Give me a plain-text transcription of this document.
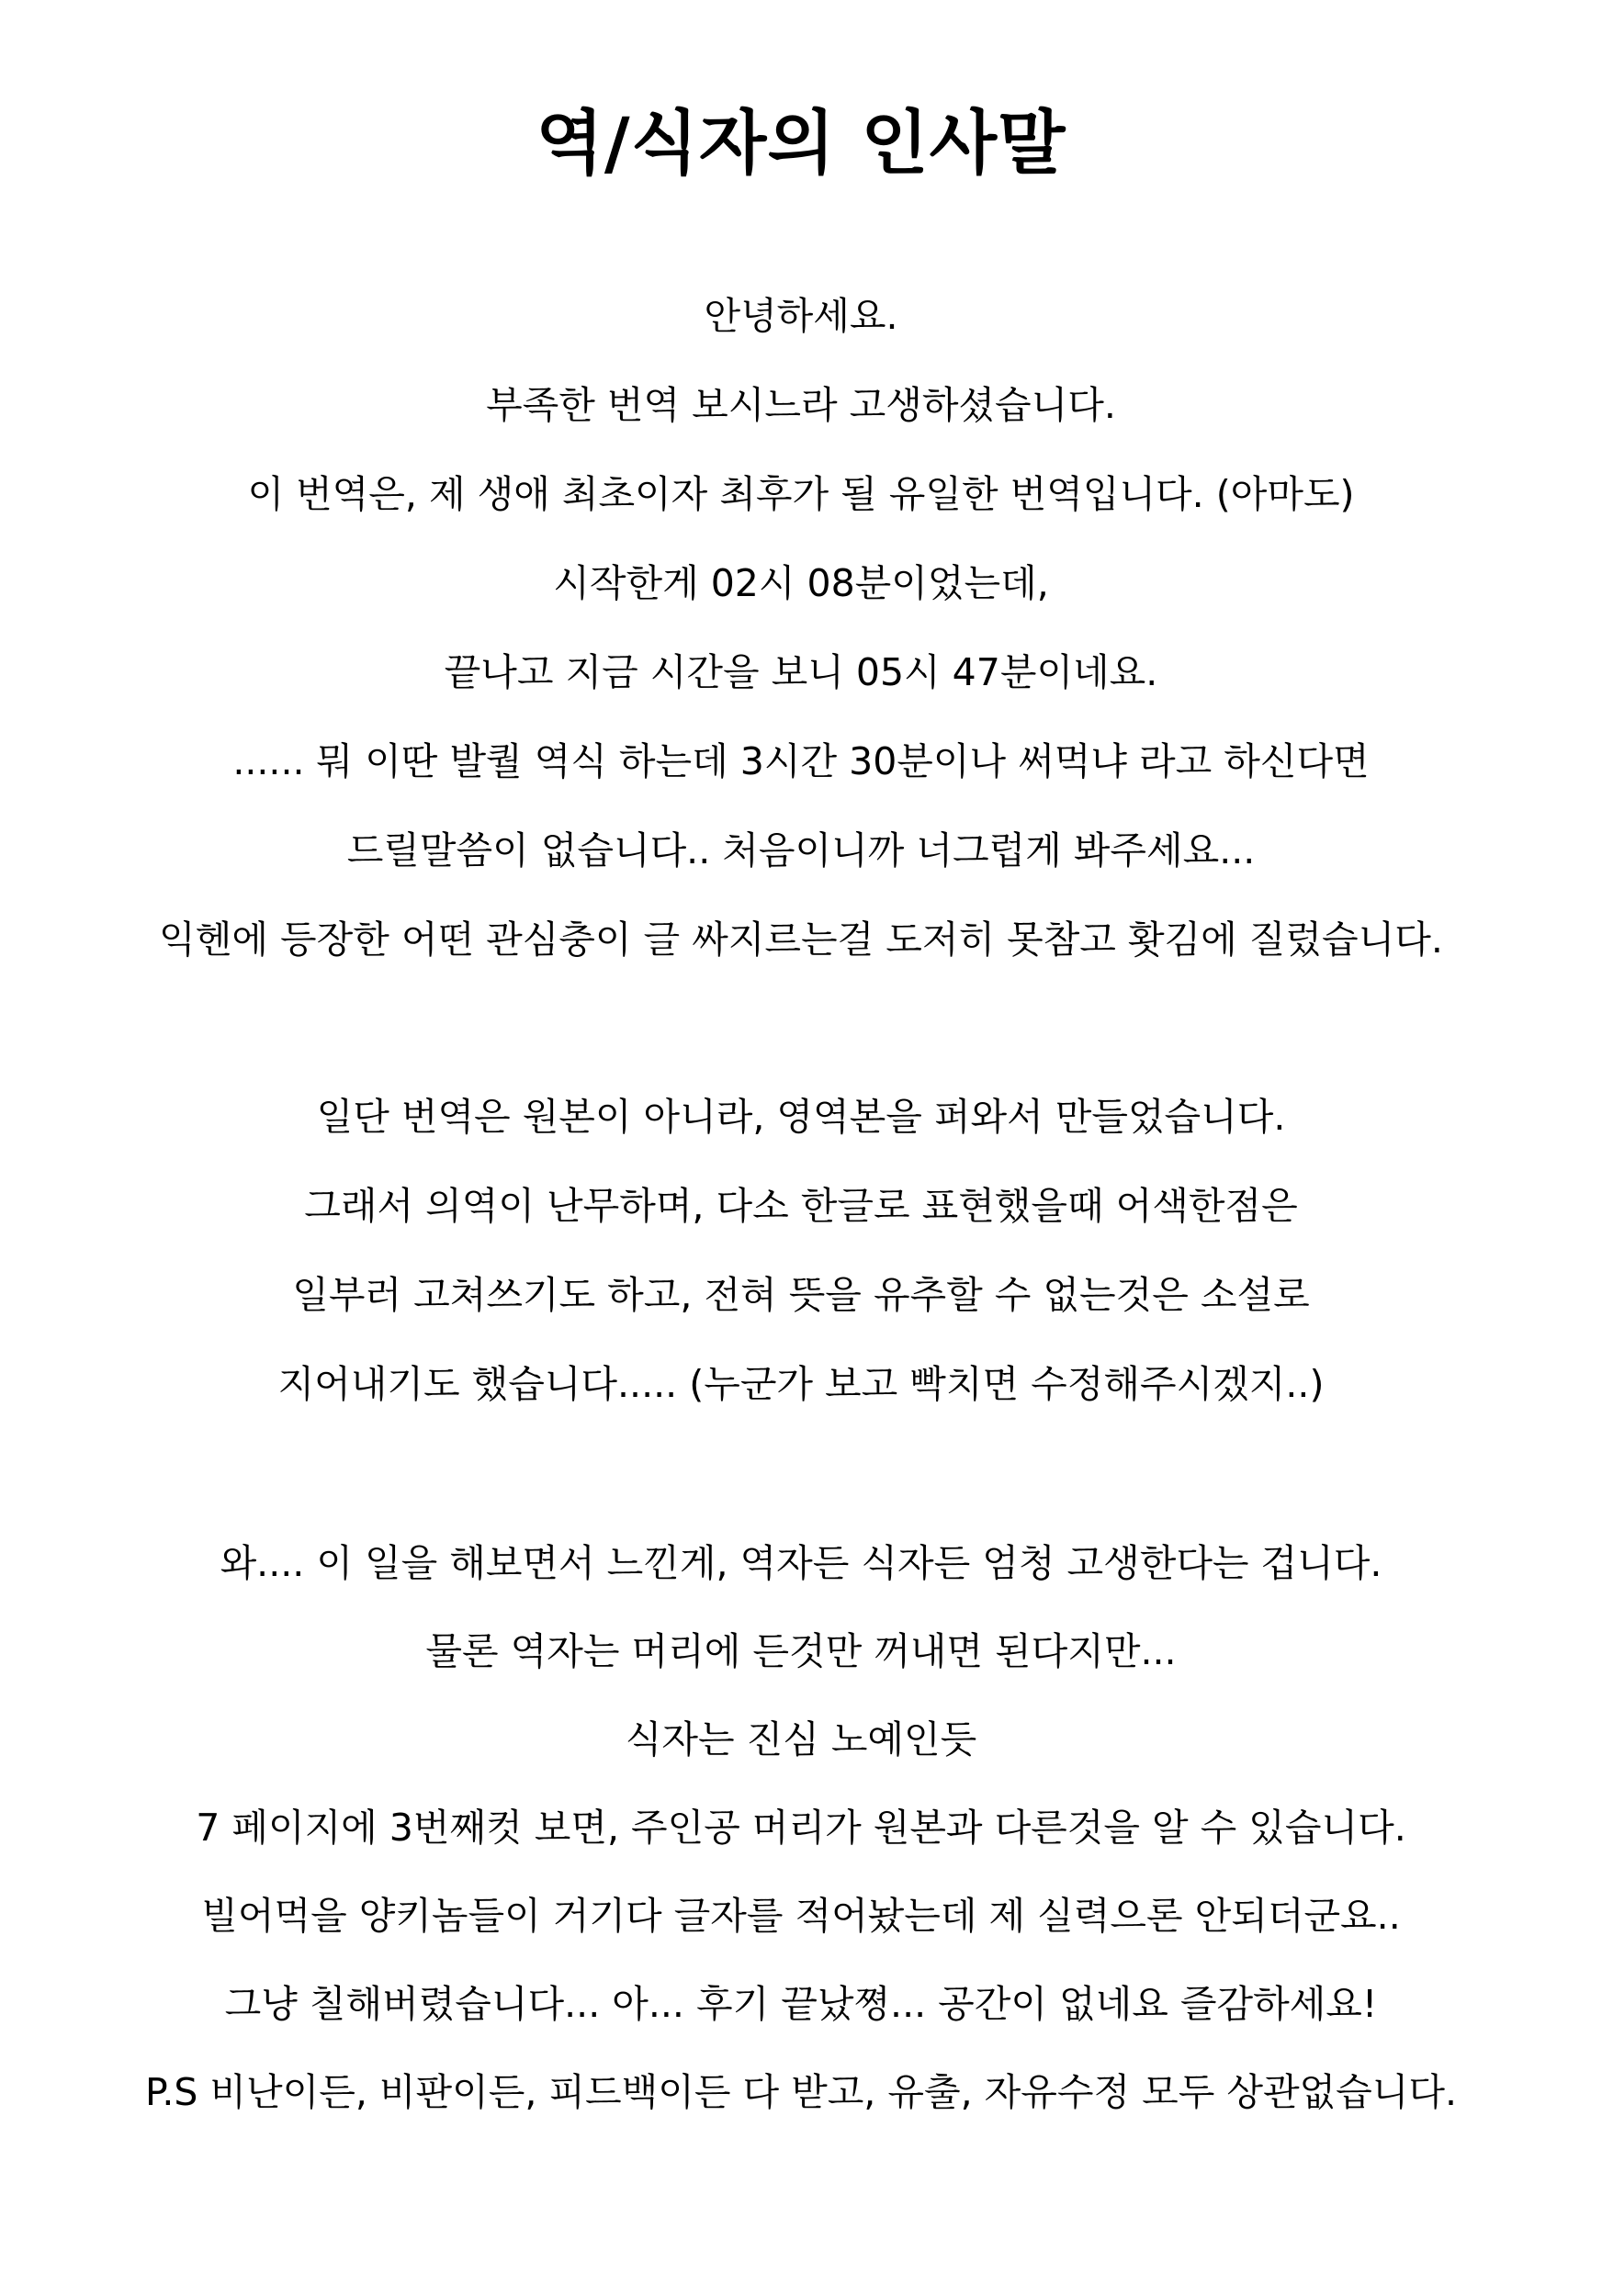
역/식자의 인사말
안녕하세요.
부족한 번역 보시느라 고생하셨습니다.
이 번역은, 제 생애 최초이자 최후가 될 유일한 번역입니다. (아마도)
시작한게 02시 08분이었는데,
끝나고 지금 시간을 보니 05시 47분이네요.
...... 뭐 이딴 발퀄 역식 하는데 3시간 30분이나 써먹냐 라고 하신다면
드릴말씀이 없습니다.. 처음이니까 너그럽게 봐주세요...
익헨에 등장한 어떤 관심충이 글 싸지르는걸 도저히 못참고 홧김에 질렀습니다.
일단 번역은 원본이 아니라, 영역본을 퍼와서 만들었습니다.
그래서 의역이 난무하며, 다소 한글로 표현했을때 어색한점은
일부러 고쳐쓰기도 하고, 전혀 뜻을 유추할 수 없는것은 소설로
지어내기도 했습니다..... (누군가 보고 빡치면 수정해주시겠지..)
와.... 이 일을 해보면서 느낀게, 역자든 식자든 엄청 고생한다는 겁니다.
물론 역자는 머리에 든것만 꺼내면 된다지만...
식자는 진심 노예인듯
7 페이지에 3번째컷 보면, 주인공 머리가 원본과 다른것을 알 수 있습니다.
빌어먹을 양키놈들이 거기다 글자를 적어놨는데 제 실력으론 안되더군요..
그냥 칠해버렸습니다... 아... 후기 끝났쪙... 공간이 없네요 즐감하세요!
P.S 비난이든, 비판이든, 피드백이든 다 받고, 유출, 자유수정 모두 상관없습니다.
